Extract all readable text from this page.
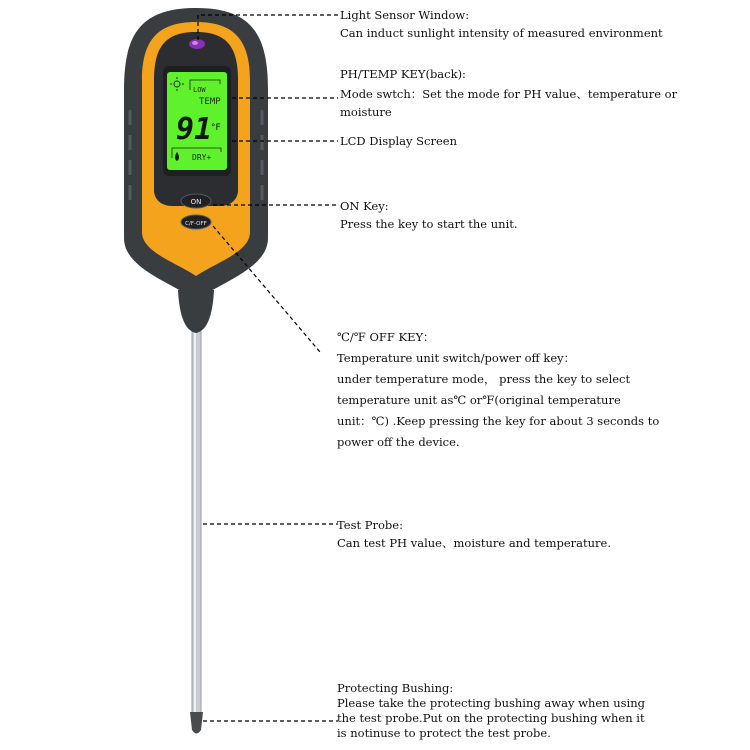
LOW
TEMP
91
°F
DRY+
ON
C/F-OFF
Light Sensor Window:
Can induct sunlight intensity of measured environment
PH/TEMP KEY(back):
Mode swtch：Set the mode for PH value、temperature or
moisture
LCD Display Screen
ON Key:
Press the key to start the unit.
℃/℉ OFF KEY：
Temperature unit switch/power off key：
under temperature mode， press the key to select
temperature unit as℃ or℉(original temperature
unit：℃) .Keep pressing the key for about 3 seconds to
power off the device.
Test Probe:
Can test PH value、moisture and temperature.
Protecting Bushing:
Please take the protecting bushing away when using
the test probe.Put on the protecting bushing when it
is notinuse to protect the test probe.
